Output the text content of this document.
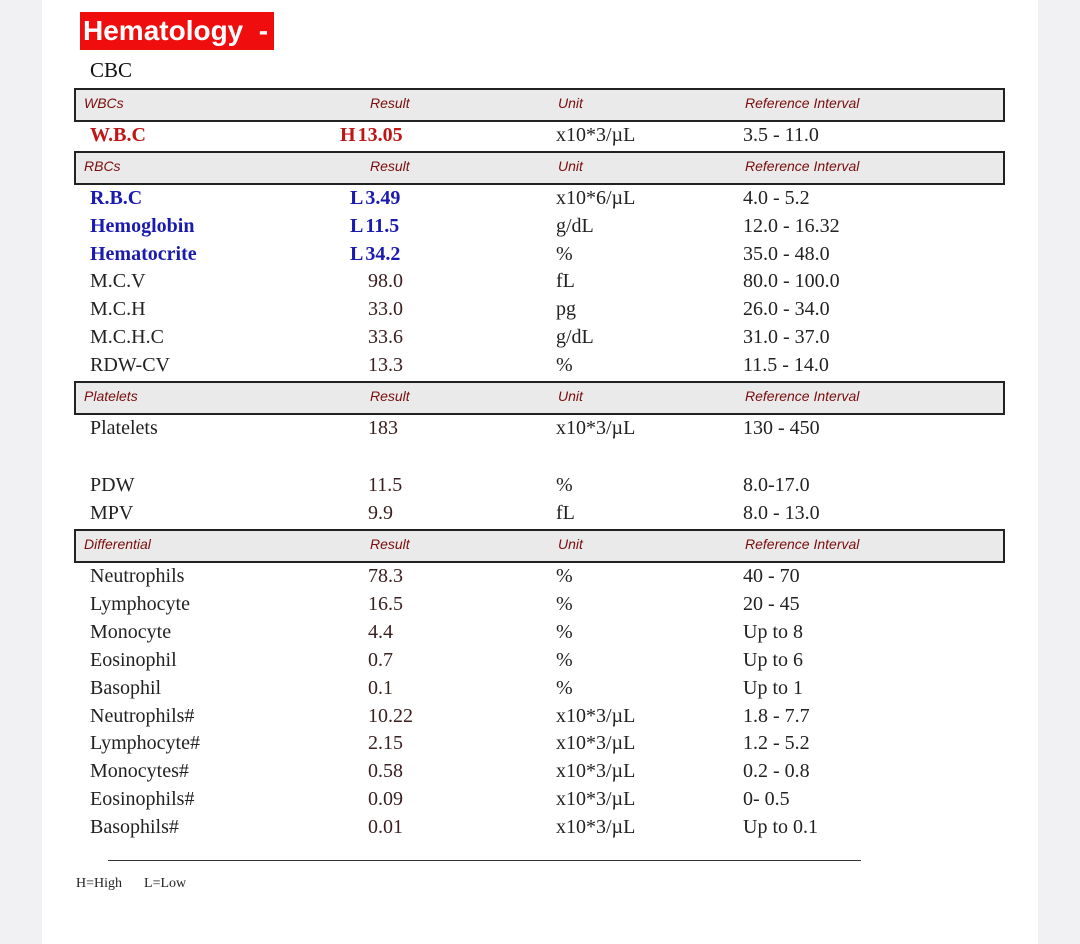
Hematology  -
CBC
WBCs	Result	Unit	Reference Interval
W.B.C	H 13.05	x10*3/µL	3.5 - 11.0
RBCs	Result	Unit	Reference Interval
R.B.C	L 3.49	x10*6/µL	4.0 - 5.2
Hemoglobin	L 11.5	g/dL	12.0 - 16.32
Hematocrite	L 34.2	%	35.0 - 48.0
M.C.V	98.0	fL	80.0 - 100.0
M.C.H	33.0	pg	26.0 - 34.0
M.C.H.C	33.6	g/dL	31.0 - 37.0
RDW-CV	13.3	%	11.5 - 14.0
Platelets	Result	Unit	Reference Interval
Platelets	183	x10*3/µL	130 - 450
PDW	11.5	%	8.0-17.0
MPV	9.9	fL	8.0 - 13.0
Differential	Result	Unit	Reference Interval
Neutrophils	78.3	%	40 - 70
Lymphocyte	16.5	%	20 - 45
Monocyte	4.4	%	Up to 8
Eosinophil	0.7	%	Up to 6
Basophil	0.1	%	Up to 1
Neutrophils#	10.22	x10*3/µL	1.8 - 7.7
Lymphocyte#	2.15	x10*3/µL	1.2 - 5.2
Monocytes#	0.58	x10*3/µL	0.2 - 0.8
Eosinophils#	0.09	x10*3/µL	0- 0.5
Basophils#	0.01	x10*3/µL	Up to 0.1
H=High L=Low
